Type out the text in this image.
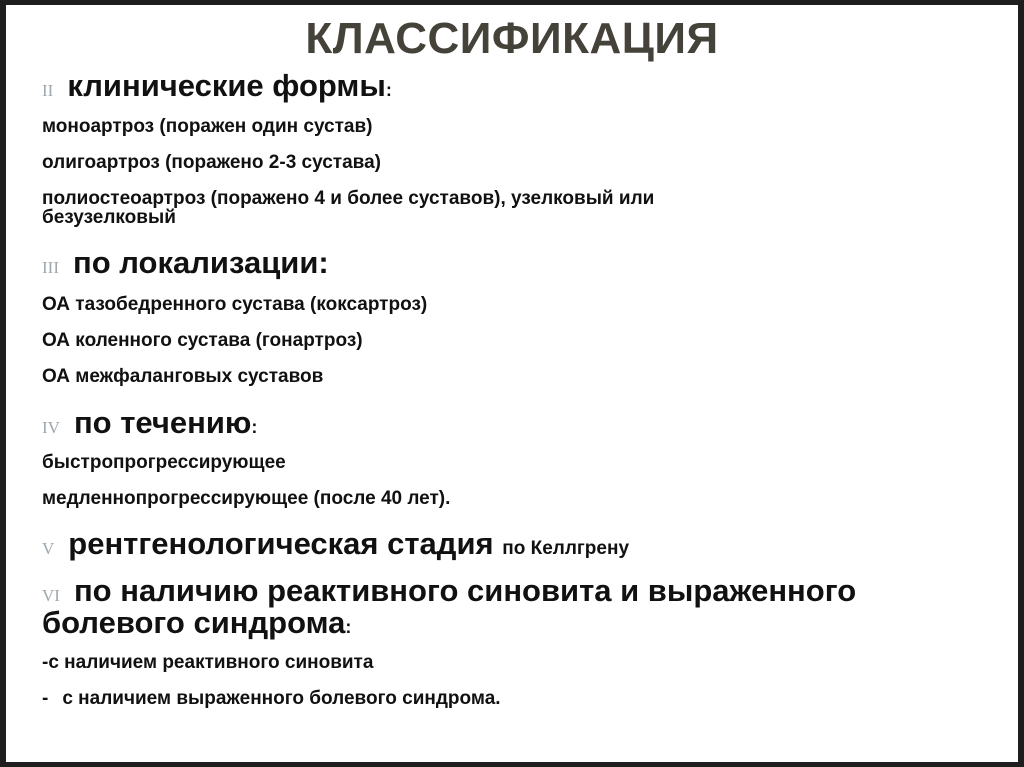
КЛАССИФИКАЦИЯ
II клинические формы:
моноартроз (поражен один сустав)
олигоартроз (поражено 2-3 сустава)
полиостеоартроз (поражено 4 и более суставов), узелковый или
безузелковый
III по локализации:
ОА тазобедренного сустава (коксартроз)
ОА коленного сустава (гонартроз)
ОА межфаланговых суставов
IV по течению:
быстропрогрессирующее
медленнопрогрессирующее (после 40 лет).
V рентгенологическая стадия по Келлгрену
VI по наличию реактивного синовита и выраженного
болевого синдрома:
-с наличием реактивного синовита
- с наличием выраженного болевого синдрома.
